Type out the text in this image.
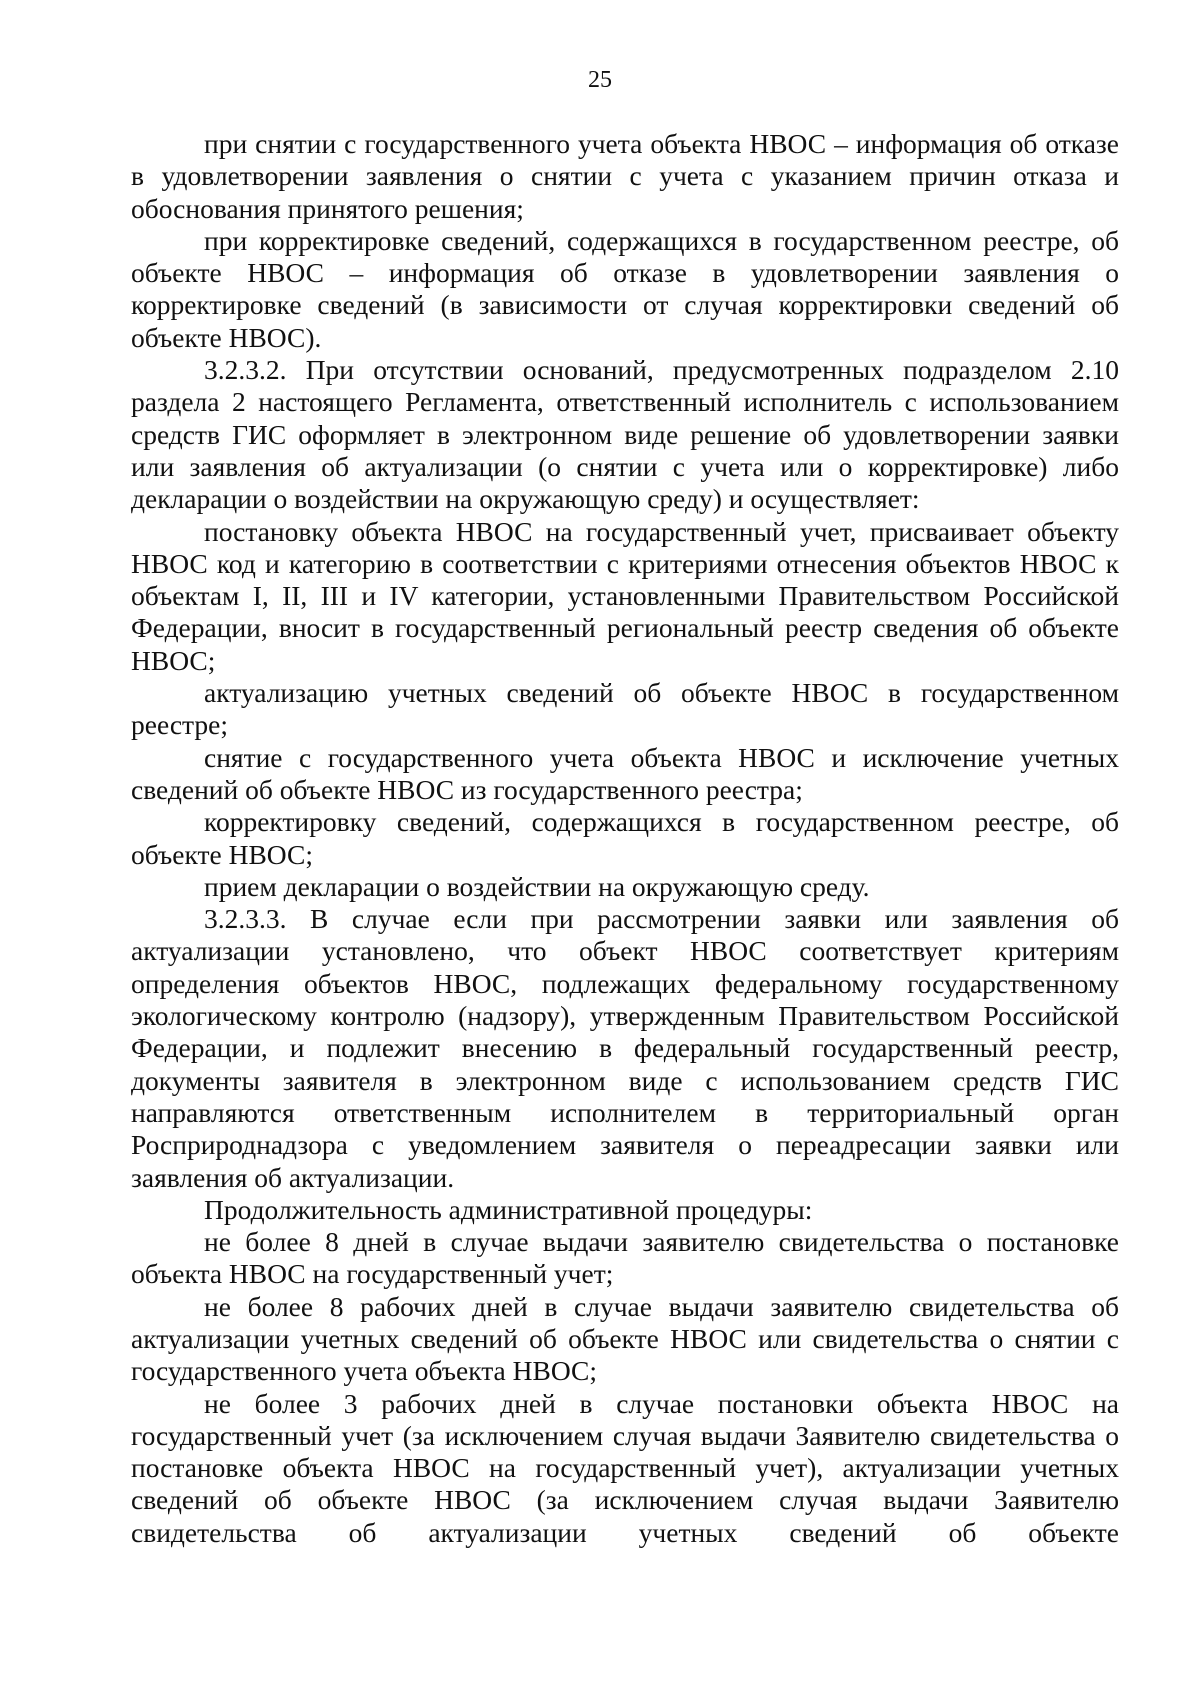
25

при снятии с государственного учета объекта НВОС – информация об отказе в удовлетворении заявления о снятии с учета с указанием причин отказа и обоснования принятого решения;

при корректировке сведений, содержащихся в государственном реестре, об объекте НВОС – информация об отказе в удовлетворении заявления о корректировке сведений (в зависимости от случая корректировки сведений об объекте НВОС).

3.2.3.2. При отсутствии оснований, предусмотренных подразделом 2.10 раздела 2 настоящего Регламента, ответственный исполнитель с использованием средств ГИС оформляет в электронном виде решение об удовлетворении заявки или заявления об актуализации (о снятии с учета или о корректировке) либо декларации о воздействии на окружающую среду) и осуществляет:

постановку объекта НВОС на государственный учет, присваивает объекту НВОС код и категорию в соответствии с критериями отнесения объектов НВОС к объектам I, II, III и IV категории, установленными Правительством Российской Федерации, вносит в государственный региональный реестр сведения об объекте НВОС;

актуализацию учетных сведений об объекте НВОС в государственном реестре;

снятие с государственного учета объекта НВОС и исключение учетных сведений об объекте НВОС из государственного реестра;

корректировку сведений, содержащихся в государственном реестре, об объекте НВОС;

прием декларации о воздействии на окружающую среду.

3.2.3.3. В случае если при рассмотрении заявки или заявления об актуализации установлено, что объект НВОС соответствует критериям определения объектов НВОС, подлежащих федеральному государственному экологическому контролю (надзору), утвержденным Правительством Российской Федерации, и подлежит внесению в федеральный государственный реестр, документы заявителя в электронном виде с использованием средств ГИС направляются ответственным исполнителем в территориальный орган Росприроднадзора с уведомлением заявителя о переадресации заявки или заявления об актуализации.

Продолжительность административной процедуры:

не более 8 дней в случае выдачи заявителю свидетельства о постановке объекта НВОС на государственный учет;

не более 8 рабочих дней в случае выдачи заявителю свидетельства об актуализации учетных сведений об объекте НВОС или свидетельства о снятии с государственного учета объекта НВОС;

не более 3 рабочих дней в случае постановки объекта НВОС на государственный учет (за исключением случая выдачи Заявителю свидетельства о постановке объекта НВОС на государственный учет), актуализации учетных сведений об объекте НВОС (за исключением случая выдачи Заявителю свидетельства об актуализации учетных сведений об объекте
